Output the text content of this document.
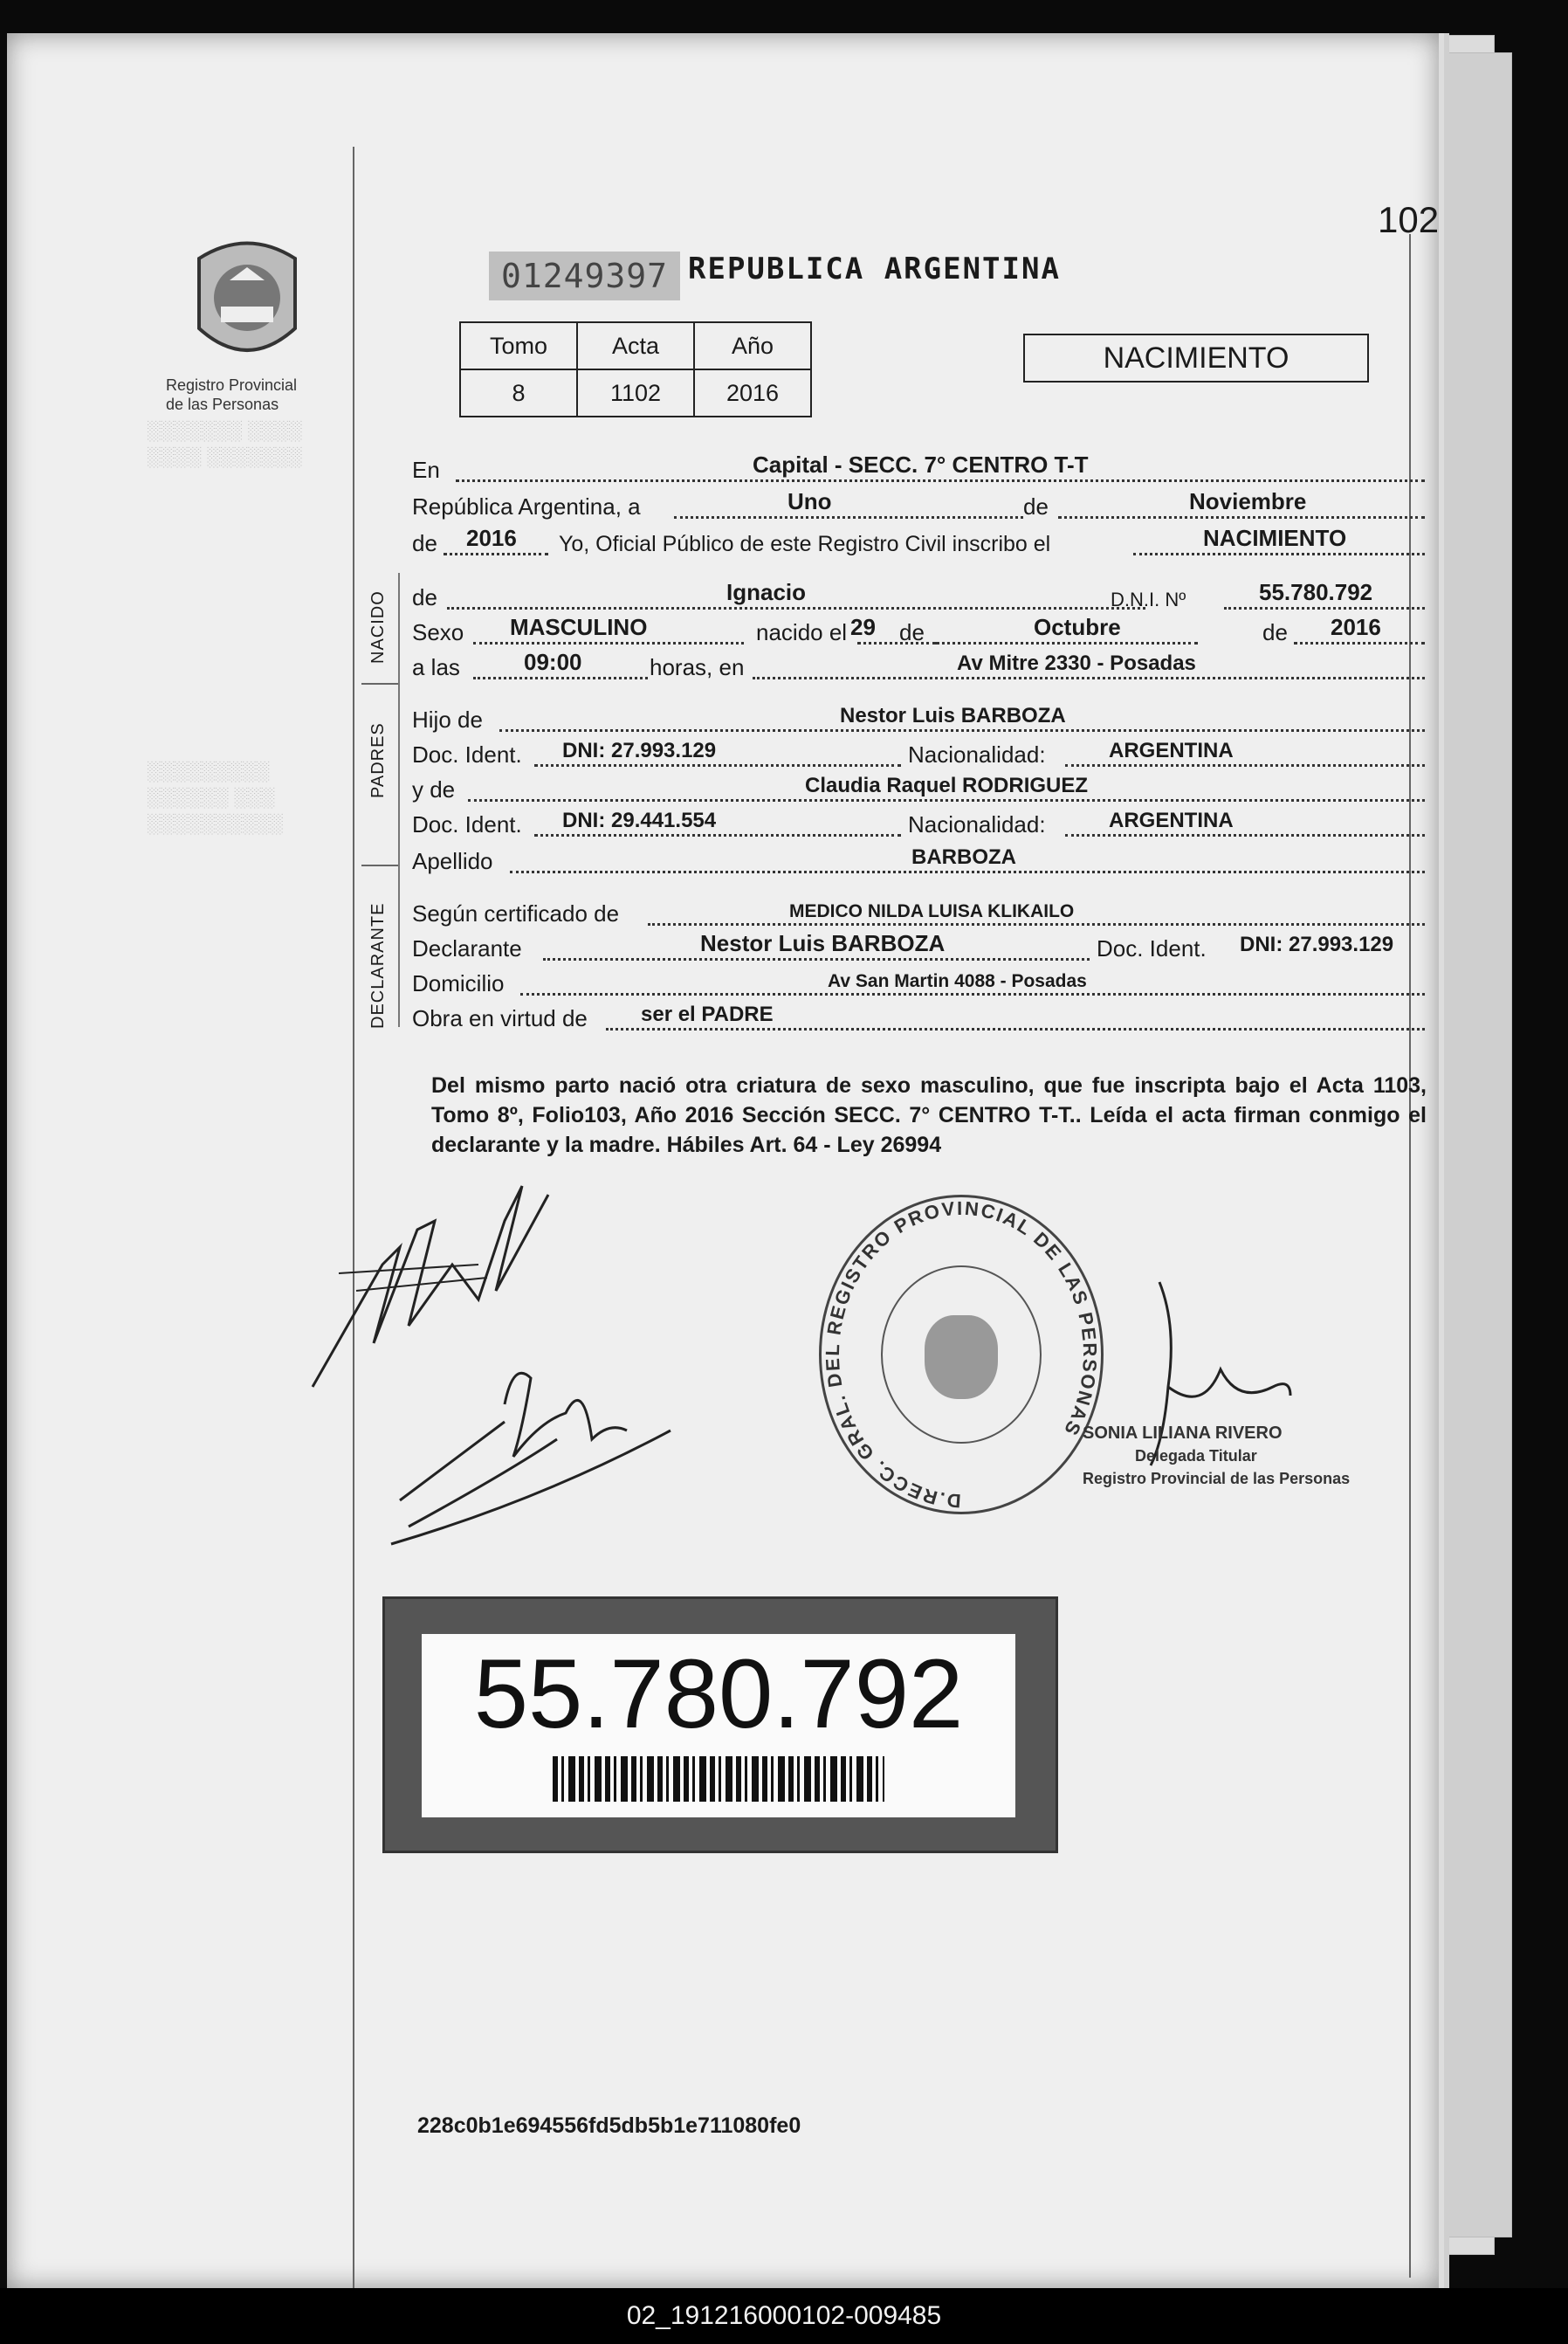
░░░░░░░ ░░░░
░░░░ ░░░░░░░
░░░░░░░░░
░░░░░░ ░░░
░░░░░░░░░░
102
Registro Provincial
de las Personas
01249397 REPUBLICA ARGENTINA
Tomo	Acta	Año
8	1102	2016
NACIMIENTO
NACIDO
PADRES
DECLARANTE
En	Capital - SECC. 7° CENTRO T-T
República Argentina, a	Uno	de	Noviembre
de 2016 Yo, Oficial Público de este Registro Civil inscribo el	NACIMIENTO
de	Ignacio	D.N.I. Nº	55.780.792
Sexo MASCULINO	nacido el 29 de	Octubre	de 2016
a las	09:00	horas, en	Av Mitre 2330 - Posadas
Hijo de	Nestor Luis BARBOZA
Doc. Ident. DNI: 27.993.129	Nacionalidad:	ARGENTINA
y de	Claudia Raquel RODRIGUEZ
Doc. Ident. DNI: 29.441.554	Nacionalidad:	ARGENTINA
Apellido	BARBOZA
Según certificado de	MEDICO NILDA LUISA KLIKAILO
Declarante	Nestor Luis BARBOZA	Doc. Ident. DNI: 27.993.129
Domicilio	Av San Martin 4088 - Posadas
Obra en virtud de	ser el PADRE
Del mismo parto nació otra criatura de sexo masculino, que fue inscripta bajo el Acta 1103, Tomo 8º, Folio103, Año 2016 Sección SECC. 7° CENTRO T-T.. Leída el acta firman conmigo el declarante y la madre. Hábiles Art. 64 - Ley 26994
D.RECC. GRAL. DEL REGISTRO PROVINCIAL DE LAS PERSONAS
SONIA LILIANA RIVERO
Delegada Titular
Registro Provincial de las Personas
55.780.792
228c0b1e694556fd5db5b1e711080fe0
02_191216000102-009485
